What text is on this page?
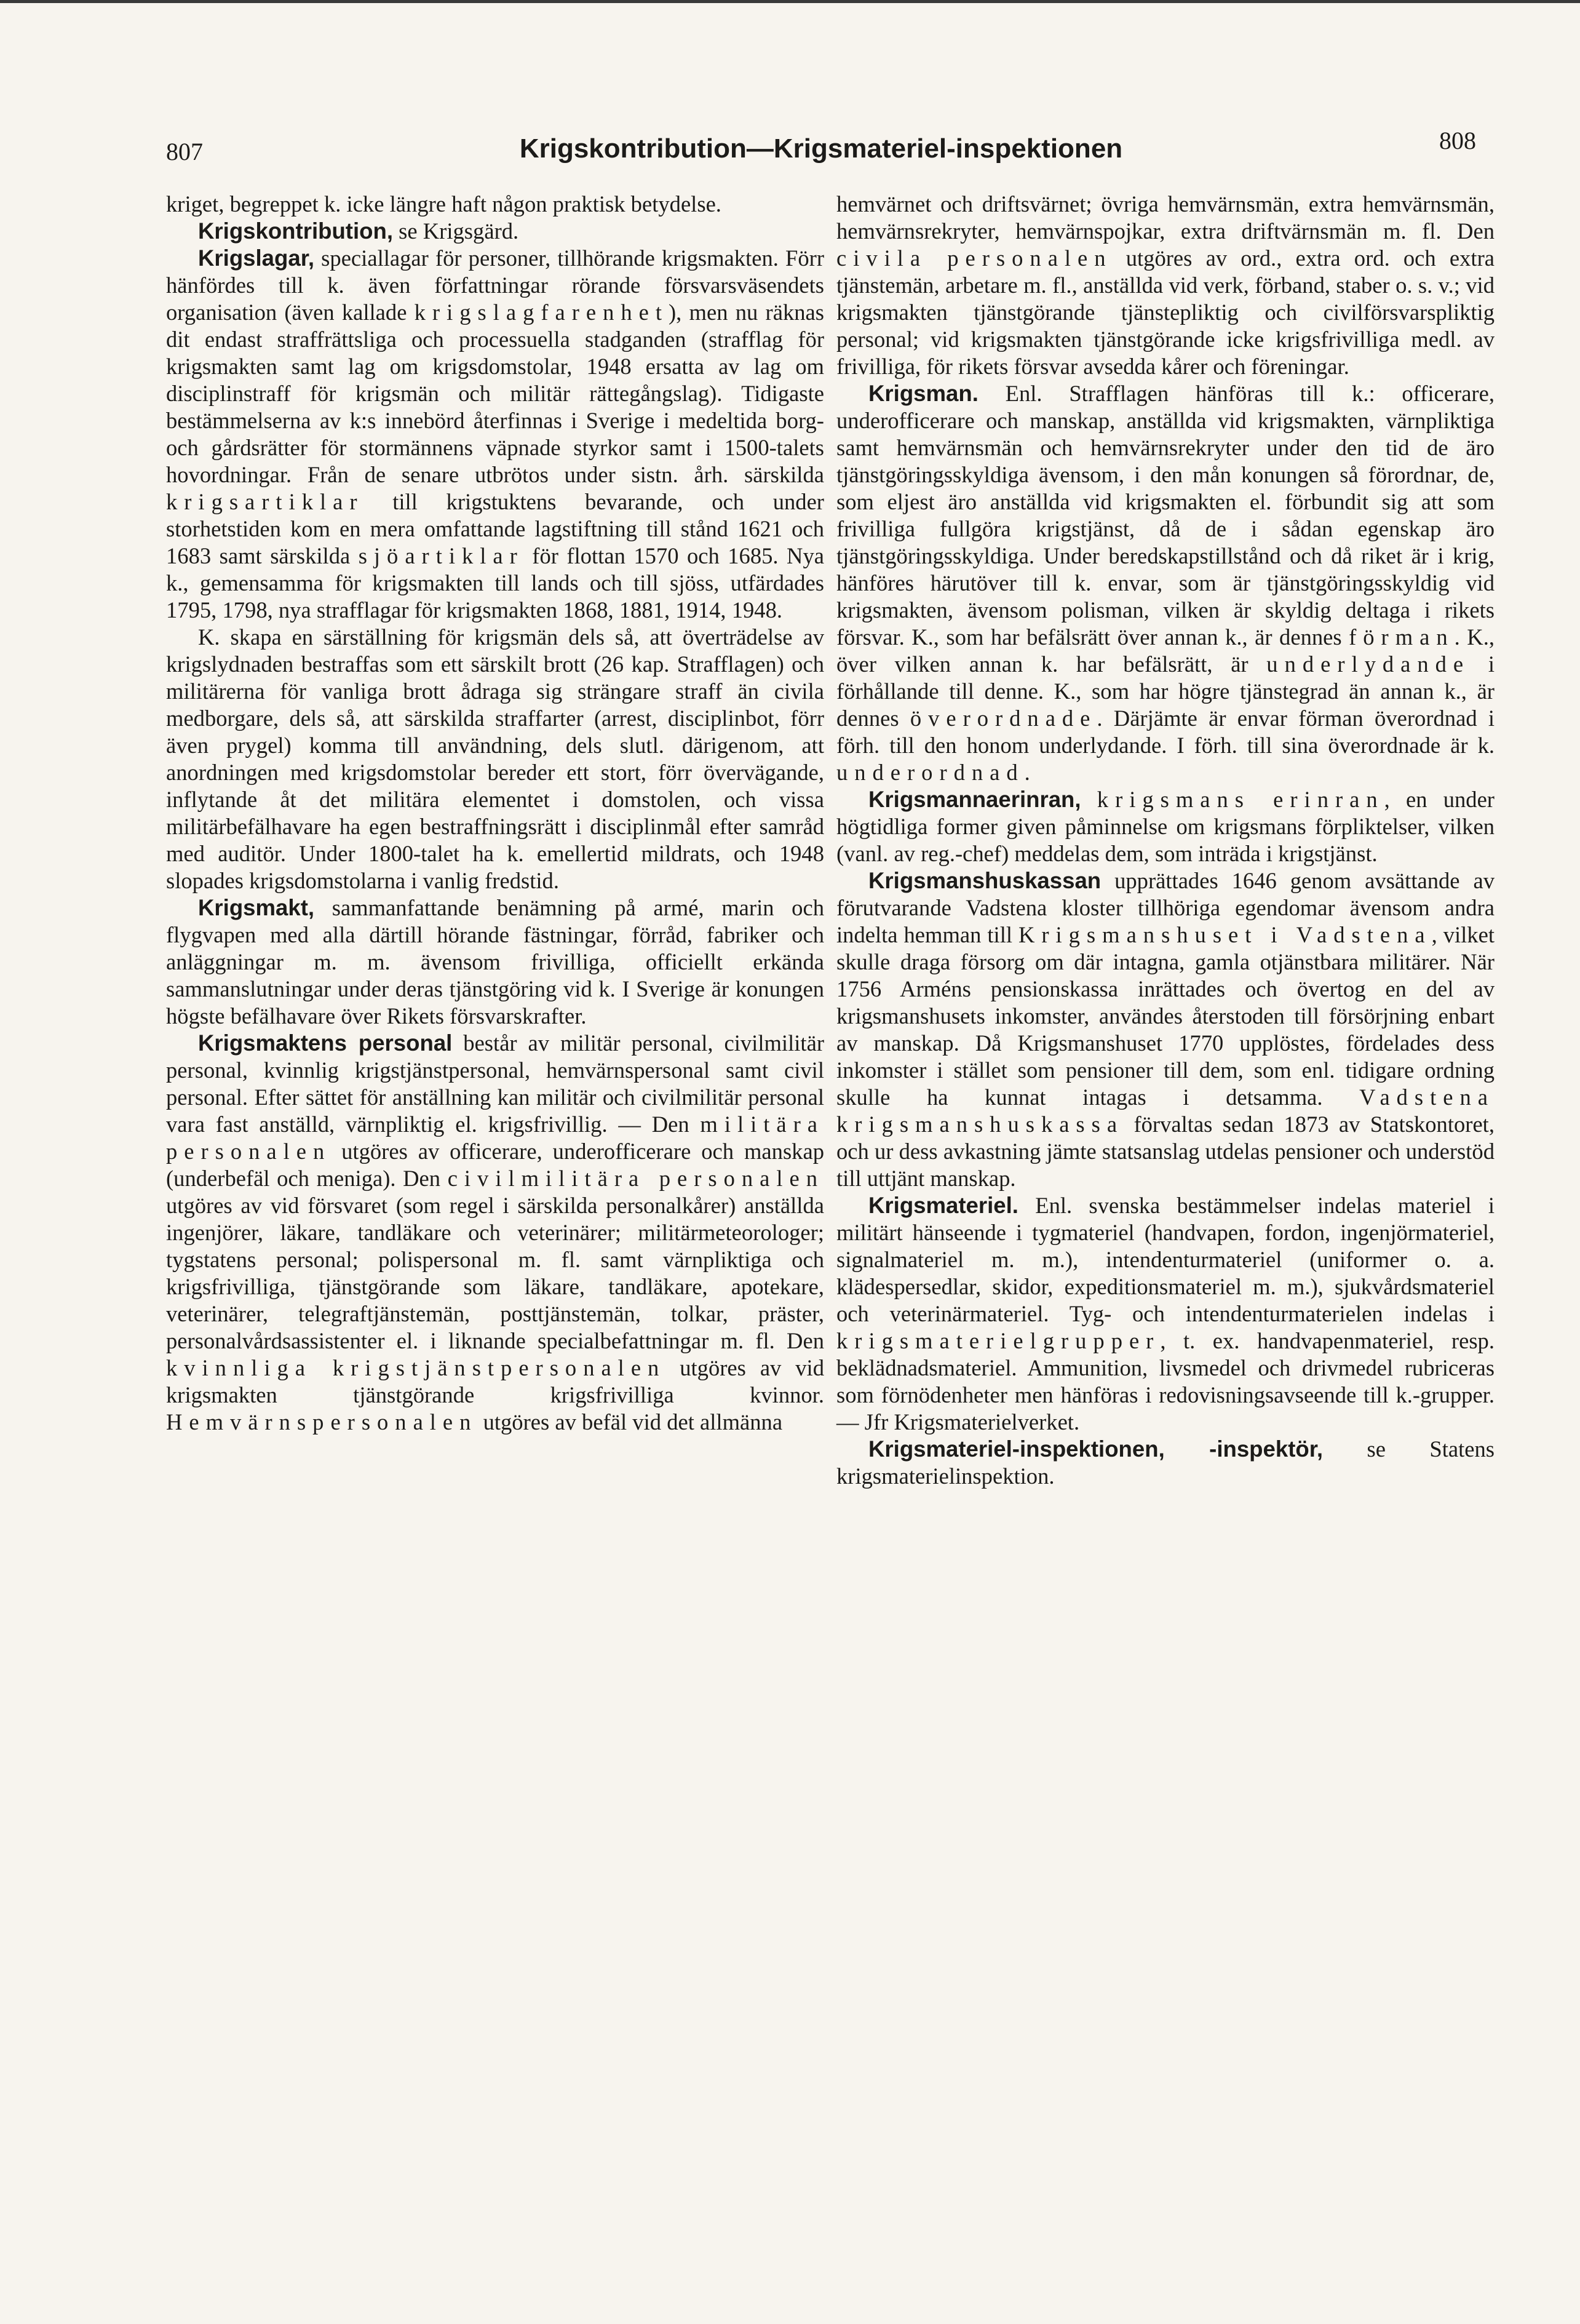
807	Krigskontribution—Krigsmateriel-inspektionen	808

kriget, begreppet k. icke längre haft någon praktisk betydelse.

Krigskontribution, se Krigsgärd.

Krigslagar, speciallagar för personer, tillhörande krigsmakten. Förr hänfördes till k. även författningar rörande försvarsväsendets organisation (även kallade krigslagfarenhet), men nu räknas dit endast straffrättsliga och processuella stadganden (strafflag för krigsmakten samt lag om krigsdomstolar, 1948 ersatta av lag om disciplinstraff för krigsmän och militär rättegångslag). Tidigaste bestämmelserna av k:s innebörd återfinnas i Sverige i medeltida borg- och gårdsrätter för stormännens väpnade styrkor samt i 1500-talets hovordningar. Från de senare utbrötos under sistn. årh. särskilda krigsartiklar till krigstuktens bevarande, och under storhetstiden kom en mera omfattande lagstiftning till stånd 1621 och 1683 samt särskilda sjöartiklar för flottan 1570 och 1685. Nya k., gemensamma för krigsmakten till lands och till sjöss, utfärdades 1795, 1798, nya strafflagar för krigsmakten 1868, 1881, 1914, 1948.

K. skapa en särställning för krigsmän dels så, att överträdelse av krigslydnaden bestraffas som ett särskilt brott (26 kap. Strafflagen) och militärerna för vanliga brott ådraga sig strängare straff än civila medborgare, dels så, att särskilda straffarter (arrest, disciplinbot, förr även prygel) komma till användning, dels slutl. därigenom, att anordningen med krigsdomstolar bereder ett stort, förr övervägande, inflytande åt det militära elementet i domstolen, och vissa militärbefälhavare ha egen bestraffningsrätt i disciplinmål efter samråd med auditör. Under 1800-talet ha k. emellertid mildrats, och 1948 slopades krigsdomstolarna i vanlig fredstid.

Krigsmakt, sammanfattande benämning på armé, marin och flygvapen med alla därtill hörande fästningar, förråd, fabriker och anläggningar m. m. ävensom frivilliga, officiellt erkända sammanslutningar under deras tjänstgöring vid k. I Sverige är konungen högste befälhavare över Rikets försvarskrafter.

Krigsmaktens personal består av militär personal, civilmilitär personal, kvinnlig krigstjänstpersonal, hemvärnspersonal samt civil personal. Efter sättet för anställning kan militär och civilmilitär personal vara fast anställd, värnpliktig el. krigsfrivillig. — Den militära personalen utgöres av officerare, underofficerare och manskap (underbefäl och meniga). Den civilmilitära personalen utgöres av vid försvaret (som regel i särskilda personalkårer) anställda ingenjörer, läkare, tandläkare och veterinärer; militärmeteorologer; tygstatens personal; polispersonal m. fl. samt värnpliktiga och krigsfrivilliga, tjänstgörande som läkare, tandläkare, apotekare, veterinärer, telegraftjänstemän, posttjänstemän, tolkar, präster, personalvårdsassistenter el. i liknande specialbefattningar m. fl. Den kvinnliga krigstjänstpersonalen utgöres av vid krigsmakten tjänstgörande krigsfrivilliga kvinnor. Hemvärnspersonalen utgöres av befäl vid det allmänna

hemvärnet och driftsvärnet; övriga hemvärnsmän, extra hemvärnsmän, hemvärnsrekryter, hemvärnspojkar, extra driftvärnsmän m. fl. Den civila personalen utgöres av ord., extra ord. och extra tjänstemän, arbetare m. fl., anställda vid verk, förband, staber o. s. v.; vid krigsmakten tjänstgörande tjänstepliktig och civilförsvarspliktig personal; vid krigsmakten tjänstgörande icke krigsfrivilliga medl. av frivilliga, för rikets försvar avsedda kårer och föreningar.

Krigsman. Enl. Strafflagen hänföras till k.: officerare, underofficerare och manskap, anställda vid krigsmakten, värnpliktiga samt hemvärnsmän och hemvärnsrekryter under den tid de äro tjänstgöringsskyldiga ävensom, i den mån konungen så förordnar, de, som eljest äro anställda vid krigsmakten el. förbundit sig att som frivilliga fullgöra krigstjänst, då de i sådan egenskap äro tjänstgöringsskyldiga. Under beredskapstillstånd och då riket är i krig, hänföres härutöver till k. envar, som är tjänstgöringsskyldig vid krigsmakten, ävensom polisman, vilken är skyldig deltaga i rikets försvar. K., som har befälsrätt över annan k., är dennes förman. K., över vilken annan k. har befälsrätt, är underlydande i förhållande till denne. K., som har högre tjänstegrad än annan k., är dennes överordnade. Därjämte är envar förman överordnad i förh. till den honom underlydande. I förh. till sina överordnade är k. underordnad.

Krigsmannaerinran, krigsmans erinran, en under högtidliga former given påminnelse om krigsmans förpliktelser, vilken (vanl. av reg.-chef) meddelas dem, som inträda i krigstjänst.

Krigsmanshuskassan upprättades 1646 genom avsättande av förutvarande Vadstena kloster tillhöriga egendomar ävensom andra indelta hemman till Krigsmanshuset i Vadstena, vilket skulle draga försorg om där intagna, gamla otjänstbara militärer. När 1756 Arméns pensionskassa inrättades och övertog en del av krigsmanshusets inkomster, användes återstoden till försörjning enbart av manskap. Då Krigsmanshuset 1770 upplöstes, fördelades dess inkomster i stället som pensioner till dem, som enl. tidigare ordning skulle ha kunnat intagas i detsamma. Vadstena krigsmanshuskassa förvaltas sedan 1873 av Statskontoret, och ur dess avkastning jämte statsanslag utdelas pensioner och understöd till uttjänt manskap.

Krigsmateriel. Enl. svenska bestämmelser indelas materiel i militärt hänseende i tygmateriel (handvapen, fordon, ingenjörmateriel, signalmateriel m. m.), intendenturmateriel (uniformer o. a. klädespersedlar, skidor, expeditionsmateriel m. m.), sjukvårdsmateriel och veterinärmateriel. Tyg- och intendenturmaterielen indelas i krigsmaterielgrupper, t. ex. handvapenmateriel, resp. beklädnadsmateriel. Ammunition, livsmedel och drivmedel rubriceras som förnödenheter men hänföras i redovisningsavseende till k.-grupper. — Jfr Krigsmaterielverket.

Krigsmateriel-inspektionen, -inspektör, se Statens krigsmaterielinspektion.
